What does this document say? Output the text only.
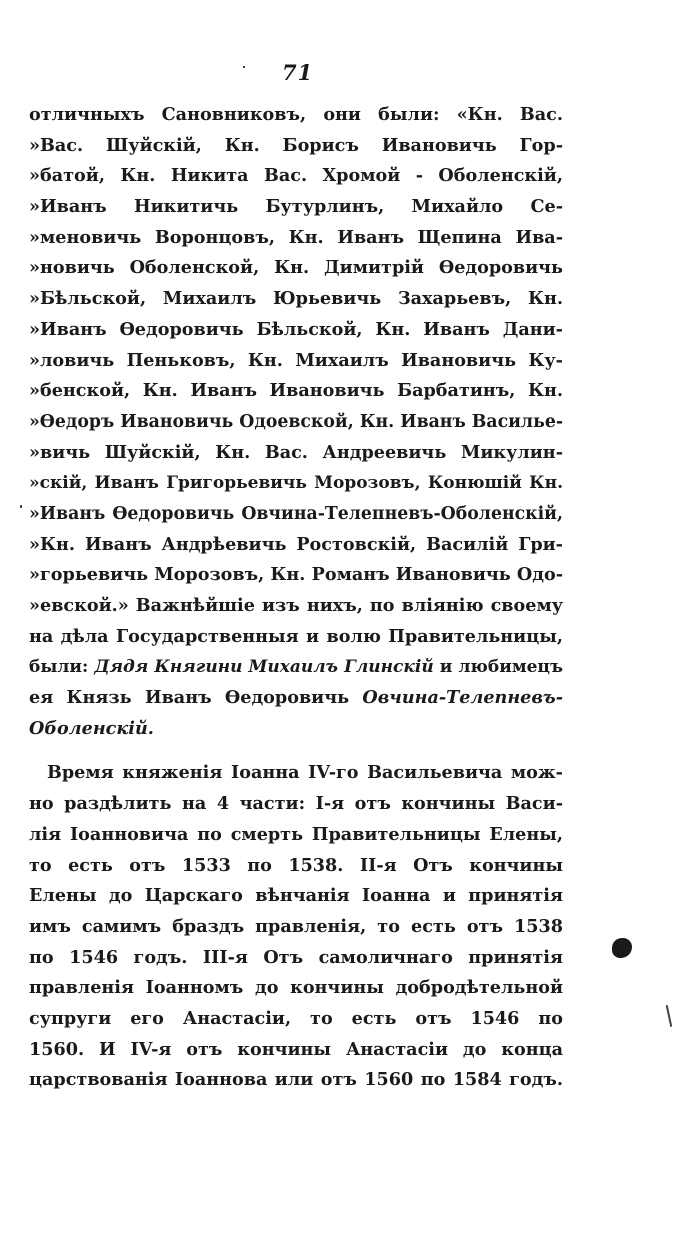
71
отличныхъ Сановниковъ, они были: «Кн. Вас.
»Вас. Шуйскій, Кн. Борисъ Ивановичь Гор-
»батой, Кн. Никита Вас. Хромой - Оболенскій,
»Иванъ Никитичь Бутурлинъ, Михайло Се-
»меновичь Воронцовъ, Кн. Иванъ Щепина Ива-
»новичь Оболенской, Кн. Димитрій Ѳедоровичь
»Бѣльской, Михаилъ Юрьевичь Захарьевъ, Кн.
»Иванъ Ѳедоровичь Бѣльской, Кн. Иванъ Дани-
»ловичь Пеньковъ, Кн. Михаилъ Ивановичь Ку-
»бенской, Кн. Иванъ Ивановичь Барбатинъ, Кн.
»Ѳедоръ Ивановичь Одоевской, Кн. Иванъ Василье-
»вичь Шуйскій, Кн. Вас. Андреевичь Микулин-
»скій, Иванъ Григорьевичь Морозовъ, Конюшій Кн.
»Иванъ Ѳедоровичь Овчина-Телепневъ-Оболенскій,
»Кн. Иванъ Андрѣевичь Ростовскій, Василій Гри-
»горьевичь Морозовъ, Кн. Романъ Ивановичь Одо-
»евской.» Важнѣйшіе изъ нихъ, по вліянію своему
на дѣла Государственныя и волю Правительницы,
были: Дядя Княгини Михаилъ Глинскій и любимецъ
ея Князь Иванъ Ѳедоровичь Овчина-Телепневъ-
Оболенскій.
Время княженія Іоанна IV-го Васильевича мож-
но раздѣлить на 4 части: I-я отъ кончины Васи-
лія Іоанновича по смерть Правительницы Елены,
то есть отъ 1533 по 1538. II-я Отъ кончины
Елены до Царскаго вѣнчанія Іоанна и принятія
имъ самимъ браздъ правленія, то есть отъ 1538
по 1546 годъ. III-я Отъ самоличнаго принятія
правленія Іоанномъ до кончины добродѣтельной
супруги его Анастасіи, то есть отъ 1546 по
1560. И IV-я отъ кончины Анастасіи до конца
царствованія Іоаннова или отъ 1560 по 1584 годъ.
